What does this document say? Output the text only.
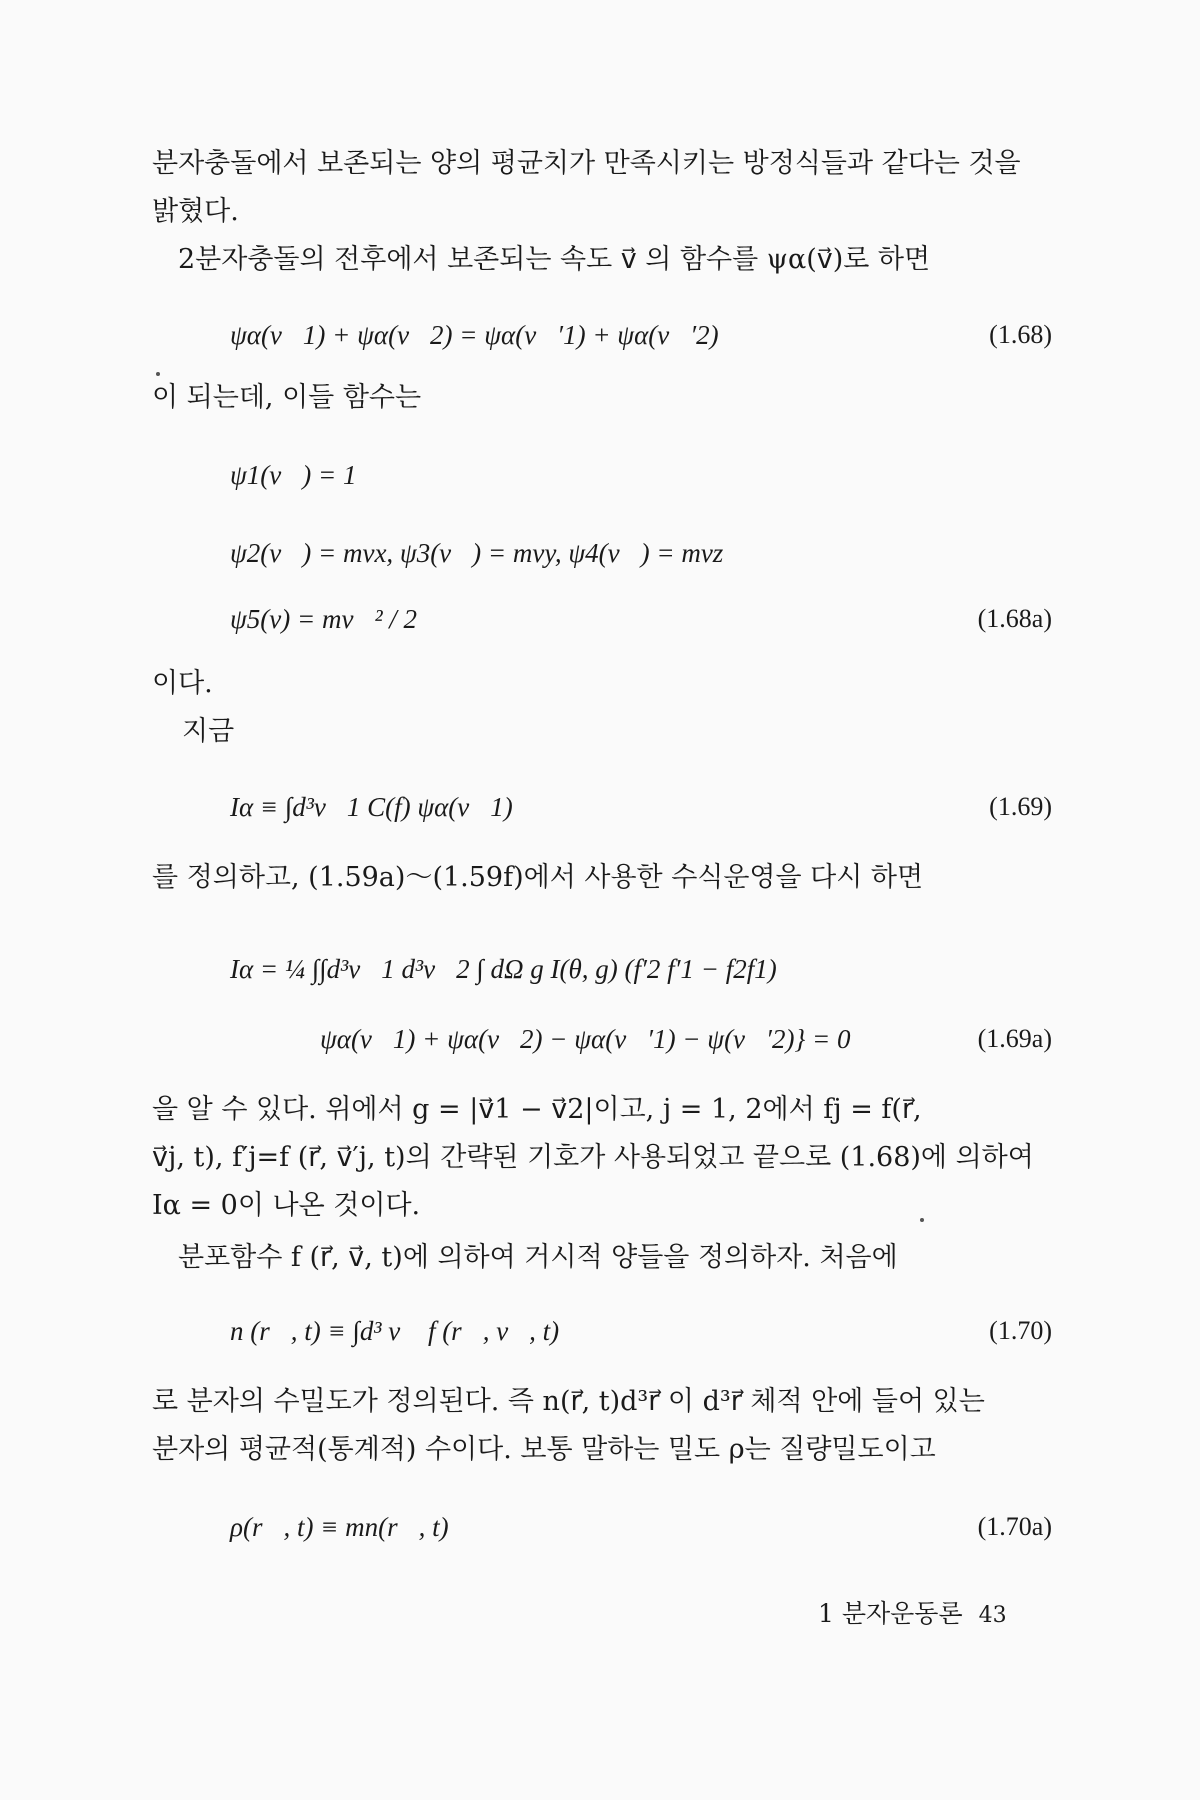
분자충돌에서 보존되는 양의 평균치가 만족시키는 방정식들과 같다는 것을
밝혔다.
2분자충돌의 전후에서 보존되는 속도 v⃗ 의 함수를 ψα(v⃗)로 하면
ψα(v⃗1) + ψα(v⃗2) = ψα(v⃗′1) + ψα(v⃗′2)	(1.68)
이 되는데, 이들 함수는
ψ1(v⃗) = 1
ψ2(v⃗) = mvx, ψ3(v⃗) = mvy, ψ4(v⃗) = mvz
ψ5(v) = mv⃗² / 2	(1.68a)
이다.
지금
Iα ≡ ∫d³v⃗1 C(f) ψα(v⃗1)	(1.69)
를 정의하고, (1.59a)～(1.59f)에서 사용한 수식운영을 다시 하면
Iα = ¼ ∫∫d³v⃗1 d³v⃗2 ∫ dΩ g I(θ, g) (f′2 f′1 − f2f1)
ψα(v⃗1) + ψα(v⃗2) − ψα(v⃗′1) − ψ(v⃗′2)} = 0	(1.69a)
을 알 수 있다. 위에서 g = |v⃗1 − v⃗2|이고, j = 1, 2에서 fj = f(r⃗,
v⃗j, t), f′j=f (r⃗, v⃗′j, t)의 간략된 기호가 사용되었고 끝으로 (1.68)에 의하여
Iα = 0이 나온 것이다.
분포함수 f (r⃗, v⃗, t)에 의하여 거시적 양들을 정의하자. 처음에
n (r⃗, t) ≡ ∫d³ v⃗ f (r⃗, v⃗, t)	(1.70)
로 분자의 수밀도가 정의된다. 즉 n(r⃗, t)d³r⃗ 이 d³r⃗ 체적 안에 들어 있는
분자의 평균적(통계적) 수이다. 보통 말하는 밀도 ρ는 질량밀도이고
ρ(r⃗, t) ≡ mn(r⃗, t)	(1.70a)
1 분자운동론 43
